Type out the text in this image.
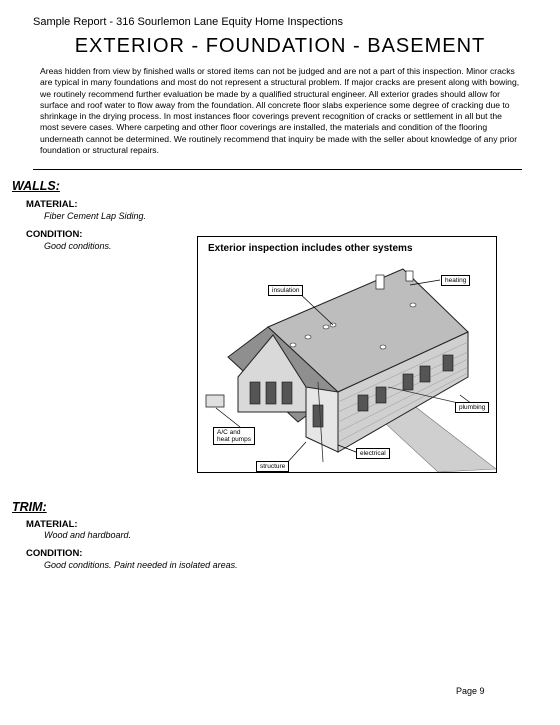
Sample Report - 316 Sourlemon Lane Equity Home Inspections
EXTERIOR - FOUNDATION - BASEMENT
Areas hidden from view by finished walls or stored items can not be judged and are not a part of this inspection. Minor cracks are typical in many foundations and most do not represent a structural problem. If major cracks are present along with bowing, we routinely recommend further evaluation be made by a qualified structural engineer. All exterior grades should allow for surface and roof water to flow away from the foundation. All concrete floor slabs experience some degree of cracking due to shrinkage in the drying process. In most instances floor coverings prevent recognition of cracks or settlement in all but the most severe cases. Where carpeting and other floor coverings are installed, the materials and condition of the flooring underneath cannot be determined. We routinely recommend that inquiry be made with the seller about knowledge of any prior foundation or structural repairs.
WALLS:
MATERIAL:
Fiber Cement Lap Siding.
CONDITION:
Good conditions.	Exterior inspection includes other systems
insulation
heating
plumbing
A/C and
heat pumps
structure
electrical
TRIM:
MATERIAL:
Wood and hardboard.
CONDITION:
Good conditions. Paint needed in isolated areas.
Page 9
